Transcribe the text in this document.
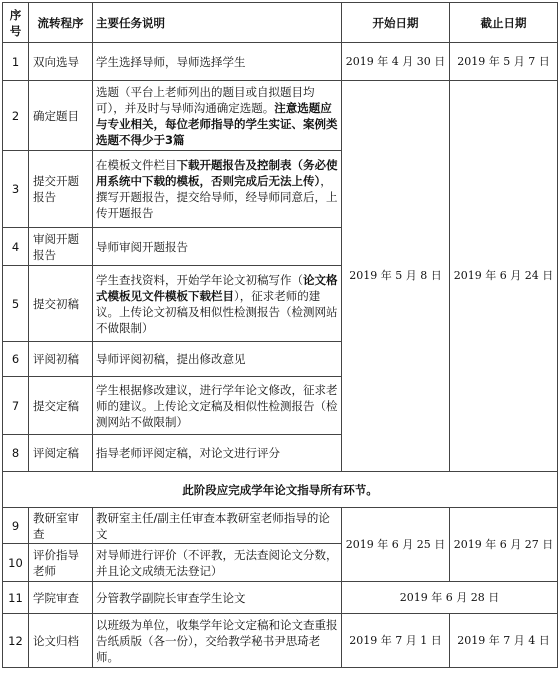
序号	流转程序	主要任务说明	开始日期	截止日期
1	双向选导	学生选择导师，导师选择学生	2019 年 4 月 30 日	2019 年 5 月 7 日
2	确定题目	选题（平台上老师列出的题目或自拟题目均可），并及时与导师沟通确定选题。注意选题应与专业相关，每位老师指导的学生实证、案例类选题不得少于3篇	2019 年 5 月 8 日	2019 年 6 月 24 日
3	提交开题报告	在模板文件栏目下载开题报告及控制表（务必使用系统中下载的模板，否则完成后无法上传），撰写开题报告，提交给导师，经导师同意后，上传开题报告		
4	审阅开题报告	导师审阅开题报告		
5	提交初稿	学生查找资料，开始学年论文初稿写作（论文格式模板见文件模板下载栏目），征求老师的建议。上传论文初稿及相似性检测报告（检测网站不做限制）		
6	评阅初稿	导师评阅初稿，提出修改意见		
7	提交定稿	学生根据修改建议，进行学年论文修改，征求老师的建议。上传论文定稿及相似性检测报告（检测网站不做限制）		
8	评阅定稿	指导老师评阅定稿，对论文进行评分		
此阶段应完成学年论文指导所有环节。				
9	教研室审查	教研室主任/副主任审查本教研室老师指导的论文	2019 年 6 月 25 日	2019 年 6 月 27 日
10	评价指导老师	对导师进行评价（不评教，无法查阅论文分数，并且论文成绩无法登记）		
11	学院审查	分管教学副院长审查学生论文	2019 年 6 月 28 日	
12	论文归档	以班级为单位，收集学年论文定稿和论文查重报告纸质版（各一份），交给教学秘书尹思琦老师。	2019 年 7 月 1 日	2019 年 7 月 4 日
